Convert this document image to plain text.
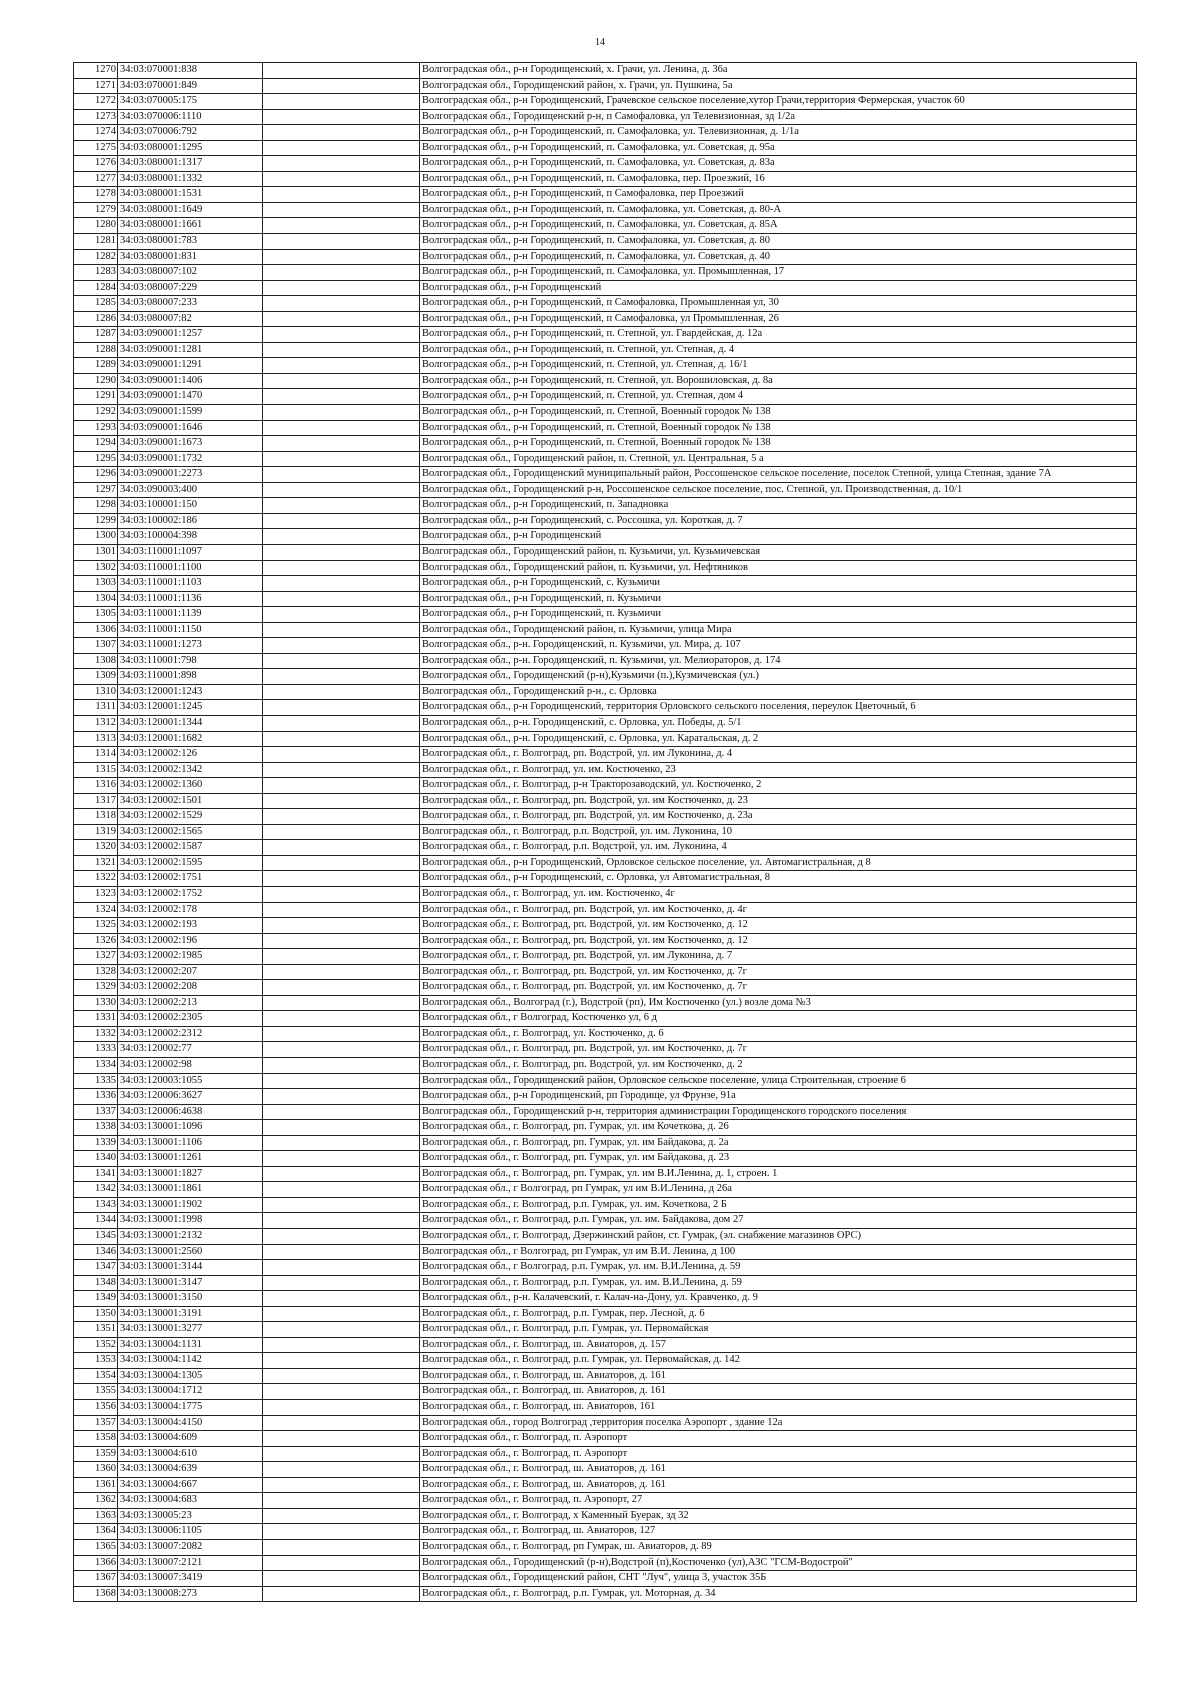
14
1270	34:03:070001:838		Волгоградская обл., р-н Городищенский, х. Грачи, ул. Ленина, д. 36а
1271	34:03:070001:849		Волгоградская обл., Городищенский район, х. Грачи, ул. Пушкина, 5а
1272	34:03:070005:175		Волгоградская обл., р-н Городищенский, Грачевское сельское поселение,хутор Грачи,территория Фермерская, участок 60
1273	34:03:070006:1110		Волгоградская обл., Городищенский р-н, п Самофаловка, ул Телевизионная, зд 1/2а
1274	34:03:070006:792		Волгоградская обл., р-н Городищенский, п. Самофаловка, ул. Телевизионная, д. 1/1а
1275	34:03:080001:1295		Волгоградская обл., р-н Городищенский, п. Самофаловка, ул. Советская, д. 95а
1276	34:03:080001:1317		Волгоградская обл., р-н Городищенский, п. Самофаловка, ул. Советская, д. 83а
1277	34:03:080001:1332		Волгоградская обл., р-н Городищенский, п. Самофаловка, пер. Проезжий, 16
1278	34:03:080001:1531		Волгоградская обл., р-н Городищенский, п Самофаловка, пер Проезжий
1279	34:03:080001:1649		Волгоградская обл., р-н Городищенский, п. Самофаловка, ул. Советская, д. 80-А
1280	34:03:080001:1661		Волгоградская обл., р-н Городищенский, п. Самофаловка, ул. Советская, д. 85А
1281	34:03:080001:783		Волгоградская обл., р-н Городищенский, п. Самофаловка, ул. Советская, д. 80
1282	34:03:080001:831		Волгоградская обл., р-н Городищенский, п. Самофаловка, ул. Советская, д. 40
1283	34:03:080007:102		Волгоградская обл., р-н Городищенский, п. Самофаловка, ул. Промышленная, 17
1284	34:03:080007:229		Волгоградская обл., р-н Городищенский
1285	34:03:080007:233		Волгоградская обл., р-н Городищенский, п Самофаловка, Промышленная ул, 30
1286	34:03:080007:82		Волгоградская обл., р-н Городищенский, п Самофаловка, ул Промышленная, 26
1287	34:03:090001:1257		Волгоградская обл., р-н Городищенский, п. Степной, ул. Гвардейская, д. 12а
1288	34:03:090001:1281		Волгоградская обл., р-н Городищенский, п. Степной, ул. Степная, д. 4
1289	34:03:090001:1291		Волгоградская обл., р-н Городищенский, п. Степной, ул. Степная, д. 16/1
1290	34:03:090001:1406		Волгоградская обл., р-н Городищенский, п. Степной, ул. Ворошиловская, д. 8а
1291	34:03:090001:1470		Волгоградская обл., р-н Городищенский, п. Степной, ул. Степная, дом 4
1292	34:03:090001:1599		Волгоградская обл., р-н Городищенский, п. Степной, Военный городок № 138
1293	34:03:090001:1646		Волгоградская обл., р-н Городищенский, п. Степной, Военный городок № 138
1294	34:03:090001:1673		Волгоградская обл., р-н Городищенский, п. Степной, Военный городок № 138
1295	34:03:090001:1732		Волгоградская обл., Городищенский район, п. Степной, ул. Центральная, 5 а
1296	34:03:090001:2273		Волгоградская обл., Городищенский муниципальный район, Россошенское сельское поселение, поселок Степной, улица Степная, здание 7А
1297	34:03:090003:400		Волгоградская обл., Городищенский р-н, Россошенское сельское поселение, пос. Степной, ул. Производственная, д. 10/1
1298	34:03:100001:150		Волгоградская обл., р-н Городищенский, п. Западновка
1299	34:03:100002:186		Волгоградская обл., р-н Городищенский, с. Россошка, ул. Короткая, д. 7
1300	34:03:100004:398		Волгоградская обл., р-н Городищенский
1301	34:03:110001:1097		Волгоградская обл., Городищенский район, п. Кузьмичи, ул. Кузьмичевская
1302	34:03:110001:1100		Волгоградская обл., Городищенский район, п. Кузьмичи, ул. Нефтяников
1303	34:03:110001:1103		Волгоградская обл., р-н Городищенский, с. Кузьмичи
1304	34:03:110001:1136		Волгоградская обл., р-н Городищенский, п. Кузьмичи
1305	34:03:110001:1139		Волгоградская обл., р-н Городищенский, п. Кузьмичи
1306	34:03:110001:1150		Волгоградская обл., Городищенский район, п. Кузьмичи, улица Мира
1307	34:03:110001:1273		Волгоградская обл., р-н. Городищенский, п. Кузьмичи, ул. Мира, д. 107
1308	34:03:110001:798		Волгоградская обл., р-н. Городищенский, п. Кузьмичи, ул. Мелиораторов, д. 174
1309	34:03:110001:898		Волгоградская обл., Городищенский (р-н),Кузьмичи (п.),Кузмичевская (ул.)
1310	34:03:120001:1243		Волгоградская обл., Городищенский р-н., с. Орловка
1311	34:03:120001:1245		Волгоградская обл., р-н Городищенский, территория Орловского сельского поселения, переулок Цветочный, 6
1312	34:03:120001:1344		Волгоградская обл., р-н. Городищенский, с. Орловка, ул. Победы, д. 5/1
1313	34:03:120001:1682		Волгоградская обл., р-н. Городищенский, с. Орловка, ул. Каратальская, д. 2
1314	34:03:120002:126		Волгоградская обл., г. Волгоград, рп. Водстрой, ул. им Луконина, д. 4
1315	34:03:120002:1342		Волгоградская обл., г. Волгоград, ул. им. Костюченко, 23
1316	34:03:120002:1360		Волгоградская обл., г. Волгоград, р-н Тракторозаводский, ул. Костюченко, 2
1317	34:03:120002:1501		Волгоградская обл., г. Волгоград, рп. Водстрой, ул. им Костюченко, д. 23
1318	34:03:120002:1529		Волгоградская обл., г. Волгоград, рп. Водстрой, ул. им Костюченко, д. 23а
1319	34:03:120002:1565		Волгоградская обл., г. Волгоград, р.п. Водстрой, ул. им. Луконина, 10
1320	34:03:120002:1587		Волгоградская обл., г. Волгоград, р.п. Водстрой, ул. им. Луконина, 4
1321	34:03:120002:1595		Волгоградская обл., р-н Городищенский, Орловское сельское поселение, ул. Автомагистральная, д 8
1322	34:03:120002:1751		Волгоградская обл., р-н Городищенский, с. Орловка, ул Автомагистральная, 8
1323	34:03:120002:1752		Волгоградская обл., г. Волгоград, ул. им. Костюченко, 4г
1324	34:03:120002:178		Волгоградская обл., г. Волгоград, рп. Водстрой, ул. им Костюченко, д. 4г
1325	34:03:120002:193		Волгоградская обл., г. Волгоград, рп. Водстрой, ул. им Костюченко, д. 12
1326	34:03:120002:196		Волгоградская обл., г. Волгоград, рп. Водстрой, ул. им Костюченко, д. 12
1327	34:03:120002:1985		Волгоградская обл., г. Волгоград, рп. Водстрой, ул. им Луконина, д. 7
1328	34:03:120002:207		Волгоградская обл., г. Волгоград, рп. Водстрой, ул. им Костюченко, д. 7г
1329	34:03:120002:208		Волгоградская обл., г. Волгоград, рп. Водстрой, ул. им Костюченко, д. 7г
1330	34:03:120002:213		Волгоградская обл., Волгоград (г.), Водстрой (рп), Им Костюченко (ул.) возле дома №3
1331	34:03:120002:2305		Волгоградская обл., г Волгоград, Костюченко ул, 6 д
1332	34:03:120002:2312		Волгоградская обл., г. Волгоград, ул. Костюченко, д. 6
1333	34:03:120002:77		Волгоградская обл., г. Волгоград, рп. Водстрой, ул. им Костюченко, д. 7г
1334	34:03:120002:98		Волгоградская обл., г. Волгоград, рп. Водстрой, ул. им Костюченко, д. 2
1335	34:03:120003:1055		Волгоградская обл., Городищенский район, Орловское сельское поселение, улица Строительная, строение 6
1336	34:03:120006:3627		Волгоградская обл., р-н Городищенский, рп Городище, ул Фрунзе, 91а
1337	34:03:120006:4638		Волгоградская обл., Городищенский р-н, территория администрации Городищенского городского поселения
1338	34:03:130001:1096		Волгоградская обл., г. Волгоград, рп. Гумрак, ул. им Кочеткова, д. 26
1339	34:03:130001:1106		Волгоградская обл., г. Волгоград, рп. Гумрак, ул. им Байдакова, д. 2а
1340	34:03:130001:1261		Волгоградская обл., г. Волгоград, рп. Гумрак, ул. им Байдакова, д. 23
1341	34:03:130001:1827		Волгоградская обл., г. Волгоград, рп. Гумрак, ул. им В.И.Ленина, д. 1, строен. 1
1342	34:03:130001:1861		Волгоградская обл., г Волгоград, рп Гумрак, ул им В.И.Ленина, д 26а
1343	34:03:130001:1902		Волгоградская обл., г. Волгоград, р.п. Гумрак, ул. им. Кочеткова, 2 Б
1344	34:03:130001:1998		Волгоградская обл., г. Волгоград, р.п. Гумрак, ул. им. Байдакова, дом 27
1345	34:03:130001:2132		Волгоградская обл., г. Волгоград, Дзержинский район, ст. Гумрак, (эл. снабжение магазинов ОРС)
1346	34:03:130001:2560		Волгоградская обл., г Волгоград, рп Гумрак, ул им В.И. Ленина, д 100
1347	34:03:130001:3144		Волгоградская обл., г Волгоград, р.п. Гумрак, ул. им. В.И.Ленина, д. 59
1348	34:03:130001:3147		Волгоградская обл., г. Волгоград, р.п. Гумрак, ул. им. В.И.Ленина, д. 59
1349	34:03:130001:3150		Волгоградская обл., р-н. Калачевский, г. Калач-на-Дону, ул. Кравченко, д. 9
1350	34:03:130001:3191		Волгоградская обл., г. Волгоград, р.п. Гумрак, пер. Лесной, д. 6
1351	34:03:130001:3277		Волгоградская обл., г. Волгоград, р.п. Гумрак, ул. Первомайская
1352	34:03:130004:1131		Волгоградская обл., г. Волгоград, ш. Авиаторов, д. 157
1353	34:03:130004:1142		Волгоградская обл., г. Волгоград, р.п. Гумрак, ул. Первомайская, д. 142
1354	34:03:130004:1305		Волгоградская обл., г. Волгоград, ш. Авиаторов, д. 161
1355	34:03:130004:1712		Волгоградская обл., г. Волгоград, ш. Авиаторов, д. 161
1356	34:03:130004:1775		Волгоградская обл., г. Волгоград, ш. Авиаторов, 161
1357	34:03:130004:4150		Волгоградская обл., город Волгоград ,территория поселка Аэропорт , здание 12а
1358	34:03:130004:609		Волгоградская обл., г. Волгоград, п. Аэропорт
1359	34:03:130004:610		Волгоградская обл., г. Волгоград, п. Аэропорт
1360	34:03:130004:639		Волгоградская обл., г. Волгоград, ш. Авиаторов, д. 161
1361	34:03:130004:667		Волгоградская обл., г. Волгоград, ш. Авиаторов, д. 161
1362	34:03:130004:683		Волгоградская обл., г. Волгоград, п. Аэропорт, 27
1363	34:03:130005:23		Волгоградская обл., г. Волгоград, х Каменный Буерак, зд 32
1364	34:03:130006:1105		Волгоградская обл., г. Волгоград, ш. Авиаторов, 127
1365	34:03:130007:2082		Волгоградская обл., г. Волгоград, рп Гумрак, ш. Авиаторов, д. 89
1366	34:03:130007:2121		Волгоградская обл., Городищенский (р-н),Водстрой (п),Костюченко (ул),АЗС "ГСМ-Водострой"
1367	34:03:130007:3419		Волгоградская обл., Городищенский район, СНТ "Луч", улица 3, участок 35Б
1368	34:03:130008:273		Волгоградская обл., г. Волгоград, р.п. Гумрак, ул. Моторная, д. 34
